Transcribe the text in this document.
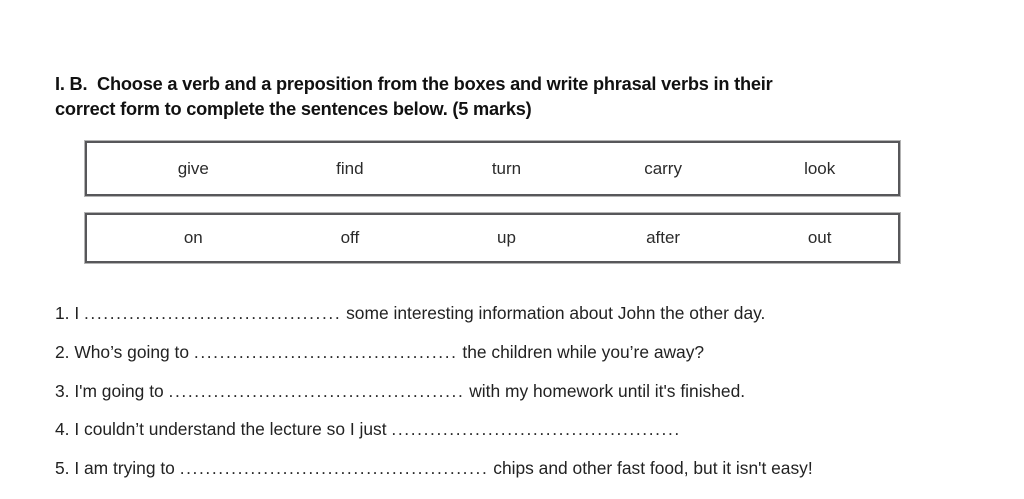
I. B.  Choose a verb and a preposition from the boxes and write phrasal verbs in their
correct form to complete the sentences below. (5 marks)
give	find	turn	carry	look
on	off	up	after	out
1. I ........................................ some interesting information about John the other day.
2. Who’s going to ......................................... the children while you’re away?
3. I'm going to .............................................. with my homework until it's finished.
4. I couldn’t understand the lecture so I just .............................................
5. I am trying to ................................................ chips and other fast food, but it isn't easy!
